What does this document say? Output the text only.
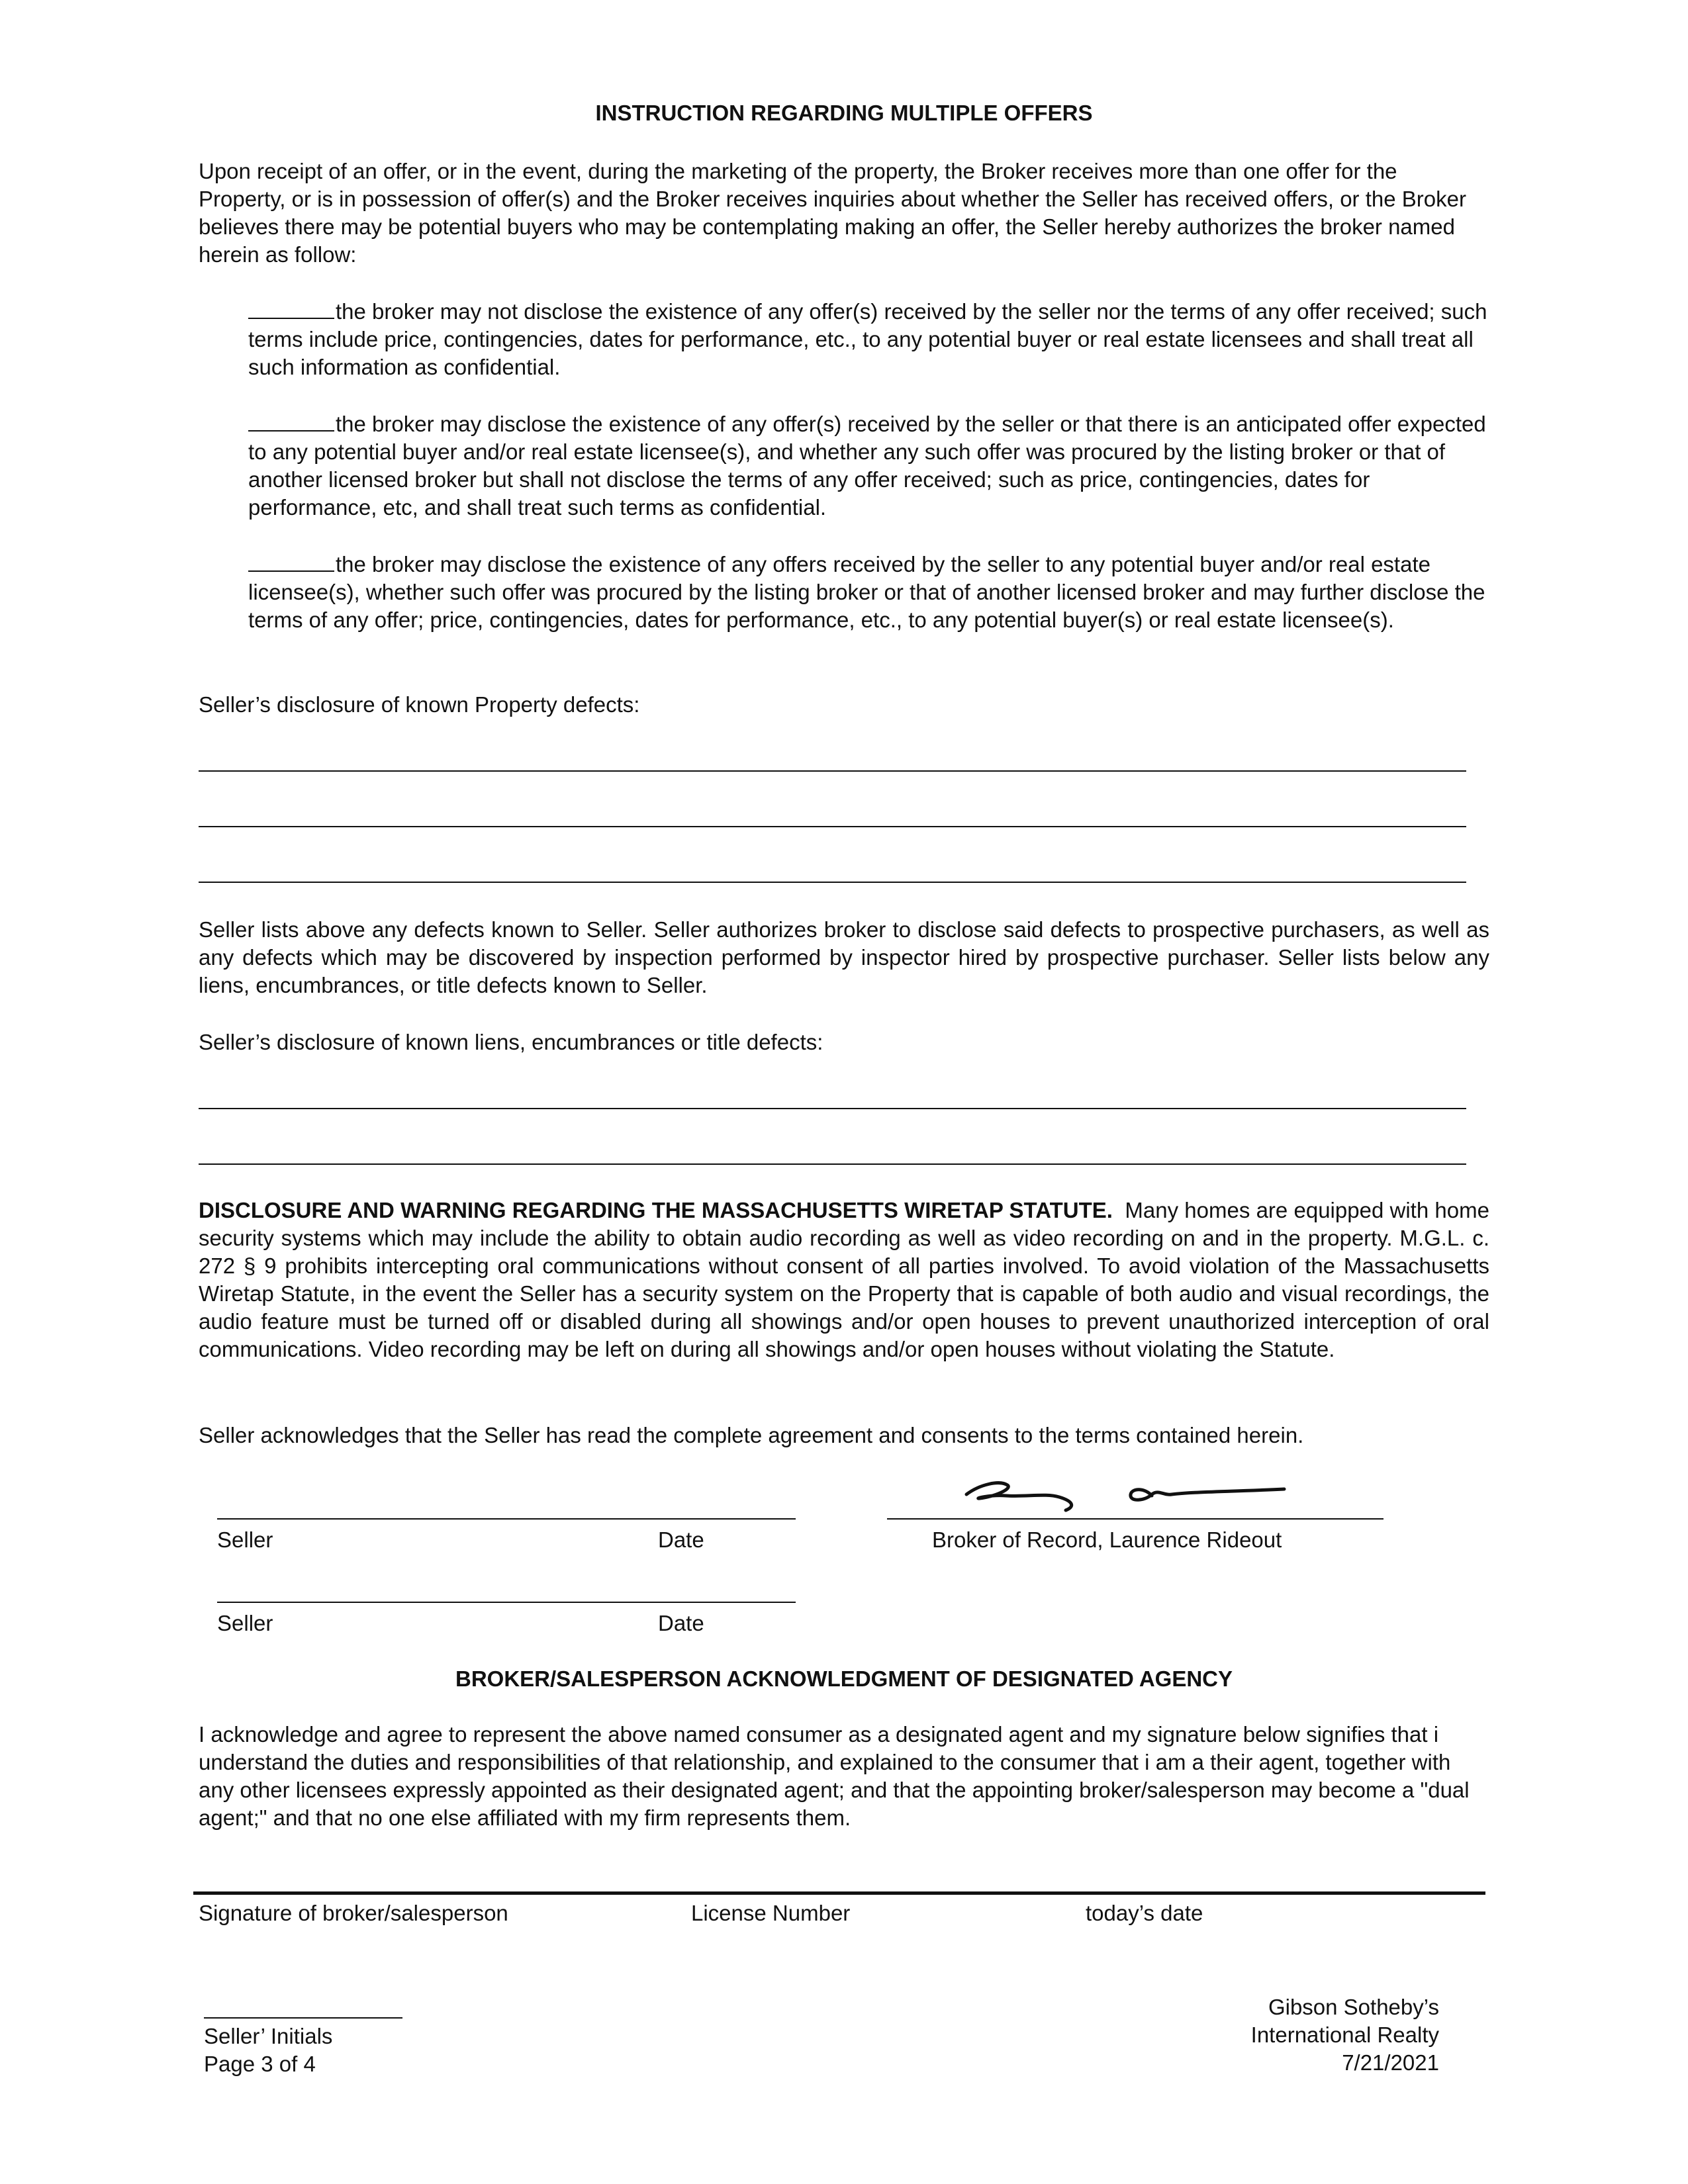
INSTRUCTION REGARDING MULTIPLE OFFERS
Upon receipt of an offer, or in the event, during the marketing of the property, the Broker receives more than one offer for the Property, or is in possession of offer(s) and the Broker receives inquiries about whether the Seller has received offers, or the Broker believes there may be potential buyers who may be contemplating making an offer, the Seller hereby authorizes the broker named herein as follow:
the broker may not disclose the existence of any offer(s) received by the seller nor the terms of any offer received; such terms include price, contingencies, dates for performance, etc., to any potential buyer or real estate licensees and shall treat all such information as confidential.
the broker may disclose the existence of any offer(s) received by the seller or that there is an anticipated offer expected to any potential buyer and/or real estate licensee(s), and whether any such offer was procured by the listing broker or that of another licensed broker but shall not disclose the terms of any offer received; such as price, contingencies, dates for performance, etc, and shall treat such terms as confidential.
the broker may disclose the existence of any offers received by the seller to any potential buyer and/or real estate licensee(s), whether such offer was procured by the listing broker or that of another licensed broker and may further disclose the terms of any offer; price, contingencies, dates for performance, etc., to any potential buyer(s) or real estate licensee(s).
Seller’s disclosure of known Property defects:
Seller lists above any defects known to Seller. Seller authorizes broker to disclose said defects to prospective purchasers, as well as any defects which may be discovered by inspection performed by inspector hired by prospective purchaser. Seller lists below any liens, encumbrances, or title defects known to Seller.
Seller’s disclosure of known liens, encumbrances or title defects:
DISCLOSURE AND WARNING REGARDING THE MASSACHUSETTS WIRETAP STATUTE. Many homes are equipped with home security systems which may include the ability to obtain audio recording as well as video recording on and in the property. M.G.L. c. 272 § 9 prohibits intercepting oral communications without consent of all parties involved. To avoid violation of the Massachusetts Wiretap Statute, in the event the Seller has a security system on the Property that is capable of both audio and visual recordings, the audio feature must be turned off or disabled during all showings and/or open houses to prevent unauthorized interception of oral communications. Video recording may be left on during all showings and/or open houses without violating the Statute.
Seller acknowledges that the Seller has read the complete agreement and consents to the terms contained herein.
Seller	Date	Broker of Record, Laurence Rideout
Seller	Date
BROKER/SALESPERSON ACKNOWLEDGMENT OF DESIGNATED AGENCY
I acknowledge and agree to represent the above named consumer as a designated agent and my signature below signifies that i understand the duties and responsibilities of that relationship, and explained to the consumer that i am a their agent, together with any other licensees expressly appointed as their designated agent; and that the appointing broker/salesperson may become a "dual agent;" and that no one else affiliated with my firm represents them.
Signature of broker/salesperson	License Number	today’s date
Seller’ Initials
Page 3 of 4
Gibson Sotheby’s
International Realty
7/21/2021
